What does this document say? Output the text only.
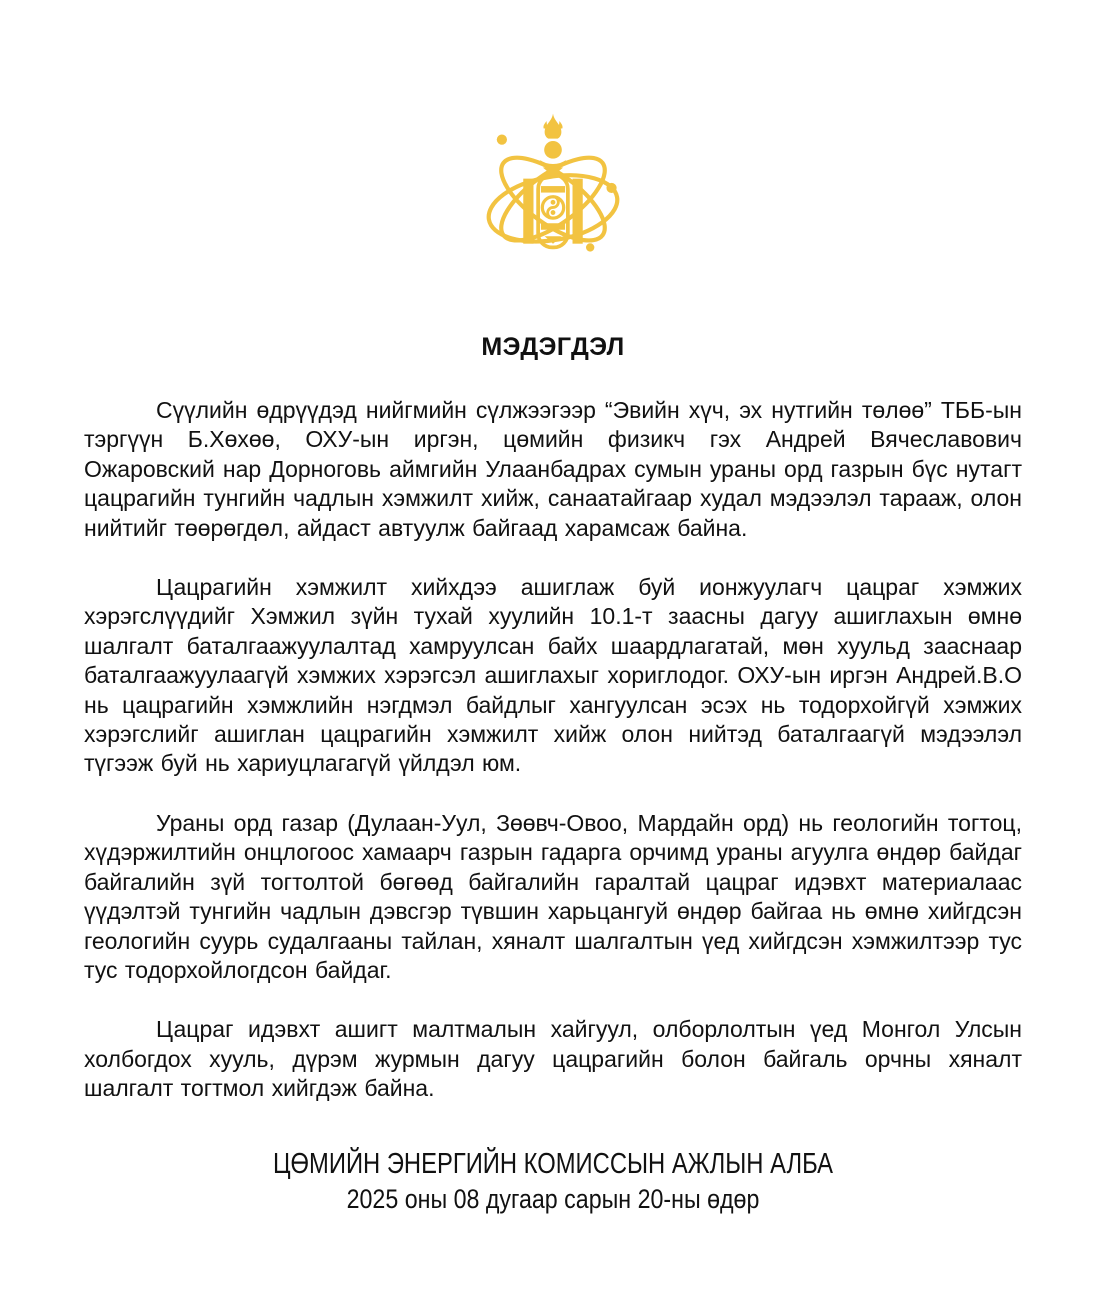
МЭДЭГДЭЛ

Сүүлийн өдрүүдэд нийгмийн сүлжээгээр “Эвийн хүч, эх нутгийн төлөө” ТББ-ын тэргүүн Б.Хөхөө, ОХУ-ын иргэн, цөмийн физикч гэх Андрей Вячеславович Ожаровский нар Дорноговь аймгийн Улаанбадрах сумын ураны орд газрын бүс нутагт цацрагийн тунгийн чадлын хэмжилт хийж, санаатайгаар худал мэдээлэл тарааж, олон нийтийг төөрөгдөл, айдаст автуулж байгаад харамсаж байна.

Цацрагийн хэмжилт хийхдээ ашиглаж буй ионжуулагч цацраг хэмжих хэрэгслүүдийг Хэмжил зүйн тухай хуулийн 10.1-т заасны дагуу ашиглахын өмнө шалгалт баталгаажуулалтад хамруулсан байх шаардлагатай, мөн хуульд зааснаар баталгаажуулаагүй хэмжих хэрэгсэл ашиглахыг хориглодог. ОХУ-ын иргэн Андрей.В.О нь цацрагийн хэмжлийн нэгдмэл байдлыг хангуулсан эсэх нь тодорхойгүй хэмжих хэрэгслийг ашиглан цацрагийн хэмжилт хийж олон нийтэд баталгаагүй мэдээлэл түгээж буй нь хариуцлагагүй үйлдэл юм.

Ураны орд газар (Дулаан-Уул, Зөөвч-Овоо, Мардайн орд) нь геологийн тогтоц, хүдэржилтийн онцлогоос хамаарч газрын гадарга орчимд ураны агуулга өндөр байдаг байгалийн зүй тогтолтой бөгөөд байгалийн гаралтай цацраг идэвхт материалаас үүдэлтэй тунгийн чадлын дэвсгэр түвшин харьцангуй өндөр байгаа нь өмнө хийгдсэн геологийн суурь судалгааны тайлан, хяналт шалгалтын үед хийгдсэн хэмжилтээр тус тус тодорхойлогдсон байдаг.

Цацраг идэвхт ашигт малтмалын хайгуул, олборлолтын үед Монгол Улсын холбогдох хууль, дүрэм журмын дагуу цацрагийн болон байгаль орчны хяналт шалгалт тогтмол хийгдэж байна.

ЦӨМИЙН ЭНЕРГИЙН КОМИССЫН АЖЛЫН АЛБА
2025 оны 08 дугаар сарын 20-ны өдөр
